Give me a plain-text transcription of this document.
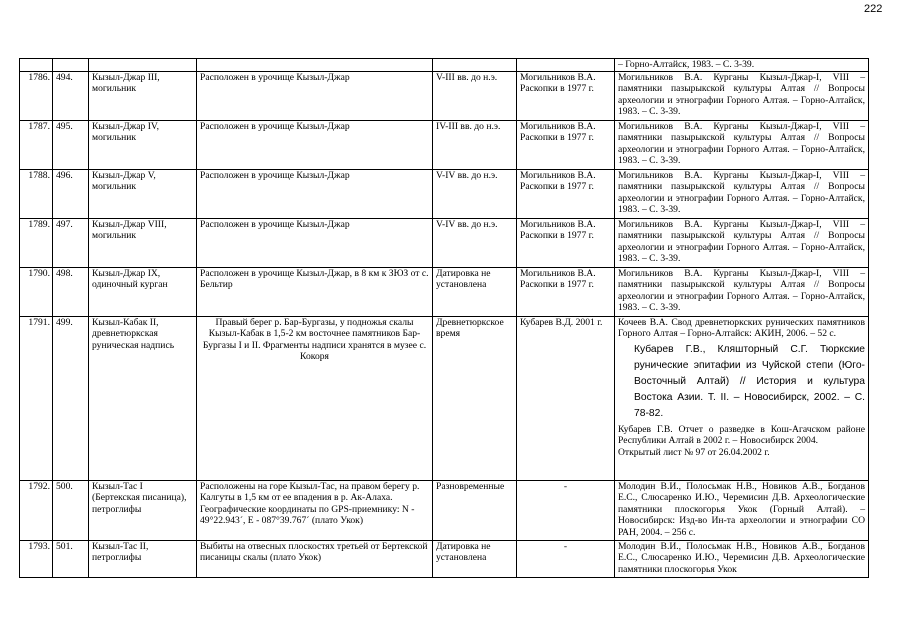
222
						– Горно-Алтайск, 1983. – С. 3-39.
1786.	494.	Кызыл-Джар III, могильник	Расположен в урочище Кызыл-Джар	V-III вв. до н.э.	Могильников В.А. Раскопки в 1977 г.	Могильников В.А. Курганы Кызыл-Джар-I, VIII – памятники пазырыкской культуры Алтая // Вопросы археологии и этнографии Горного Алтая. – Горно-Алтайск, 1983. – С. 3-39.

1787.	495.	Кызыл-Джар IV, могильник	Расположен в урочище Кызыл-Джар	IV-III вв. до н.э.	Могильников В.А. Раскопки в 1977 г.	Могильников В.А. Курганы Кызыл-Джар-I, VIII – памятники пазырыкской культуры Алтая // Вопросы археологии и этнографии Горного Алтая. – Горно-Алтайск, 1983. – С. 3-39.

1788.	496.	Кызыл-Джар V, могильник	Расположен в урочище Кызыл-Джар	V-IV вв. до н.э.	Могильников В.А. Раскопки в 1977 г.	Могильников В.А. Курганы Кызыл-Джар-I, VIII – памятники пазырыкской культуры Алтая // Вопросы археологии и этнографии Горного Алтая. – Горно-Алтайск, 1983. – С. 3-39.

1789.	497.	Кызыл-Джар VIII, могильник	Расположен в урочище Кызыл-Джар	V-IV вв. до н.э.	Могильников В.А. Раскопки в 1977 г.	Могильников В.А. Курганы Кызыл-Джар-I, VIII – памятники пазырыкской культуры Алтая // Вопросы археологии и этнографии Горного Алтая. – Горно-Алтайск, 1983. – С. 3-39.

1790.	498.	Кызыл-Джар IX, одиночный курган	Расположен в урочище Кызыл-Джар, в 8 км к ЗЮЗ от с. Бельтир	Датировка не установлена	Могильников В.А. Раскопки в 1977 г.	Могильников В.А. Курганы Кызыл-Джар-I, VIII – памятники пазырыкской культуры Алтая // Вопросы археологии и этнографии Горного Алтая. – Горно-Алтайск, 1983. – С. 3-39.

1791.	499.	Кызыл-Кабак II, древнетюркская руническая надпись	Правый берег р. Бар-Бургазы, у подножья скалы Кызыл-Кабак в 1,5-2 км восточнее памятников Бар-Бургазы I и II. Фрагменты надписи хранятся в музее с. Кокоря	Древнетюркское время	Кубарев В.Д. 2001 г.	Кочеев В.А. Свод древнетюркских рунических памятников Горного Алтая – Горно-Алтайск: АКИН, 2006. – 52 с.
Кубарев Г.В., Кляшторный С.Г. Тюркские рунические эпитафии из Чуйской степи (Юго-Восточный Алтай) // История и культура Востока Азии. Т. II. – Новосибирск, 2002. – С. 78-82.
Кубарев Г.В. Отчет о разведке в Кош-Агачском районе Республики Алтай в 2002 г. – Новосибирск 2004.
Открытый лист № 97 от 26.04.2002 г.

1792.	500.	Кызыл-Тас I (Бертекская писаница), петроглифы	Расположены на горе Кызыл-Тас, на правом берегу р. Калгуты в 1,5 км от ее впадения в р. Ак-Алаха. Географические координаты по GPS-приемнику: N - 49°22.943´, E - 087°39.767´ (плато Укок)	Разновременные	-	Молодин В.И., Полосьмак Н.В., Новиков А.В., Богданов Е.С., Слюсаренко И.Ю., Черемисин Д.В. Археологические памятники плоскогорья Укок (Горный Алтай). – Новосибирск: Изд-во Ин-та археологии и этнографии СО РАН, 2004. – 256 с.

1793.	501.	Кызыл-Тас II, петроглифы	Выбиты на отвесных плоскостях третьей от Бертекской писаницы скалы (плато Укок)	Датировка не установлена	-	Молодин В.И., Полосьмак Н.В., Новиков А.В., Богданов Е.С., Слюсаренко И.Ю., Черемисин Д.В. Археологические памятники плоскогорья Укок
